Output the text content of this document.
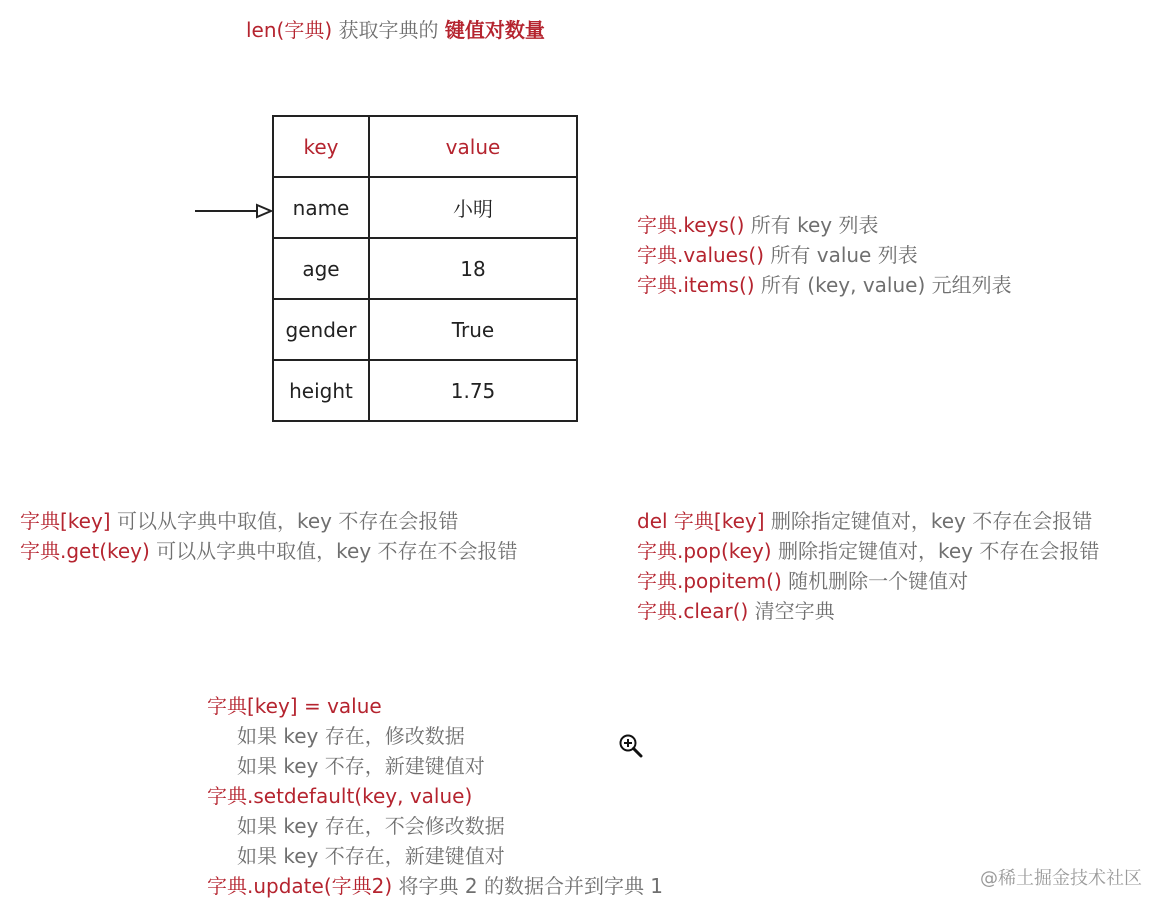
len(字典) 获取字典的 键值对数量
key	value
name	小明
age	18
gender	True
height	1.75
字典.keys() 所有 key 列表
字典.values() 所有 value 列表
字典.items() 所有 (key, value) 元组列表
字典[key] 可以从字典中取值，key 不存在会报错
字典.get(key) 可以从字典中取值，key 不存在不会报错
del 字典[key] 删除指定键值对，key 不存在会报错
字典.pop(key) 删除指定键值对，key 不存在会报错
字典.popitem() 随机删除一个键值对
字典.clear() 清空字典
字典[key] = value
如果 key 存在，修改数据
如果 key 不存，新建键值对
字典.setdefault(key, value)
如果 key 存在，不会修改数据
如果 key 不存在，新建键值对
字典.update(字典2) 将字典 2 的数据合并到字典 1	@稀土掘金技术社区
